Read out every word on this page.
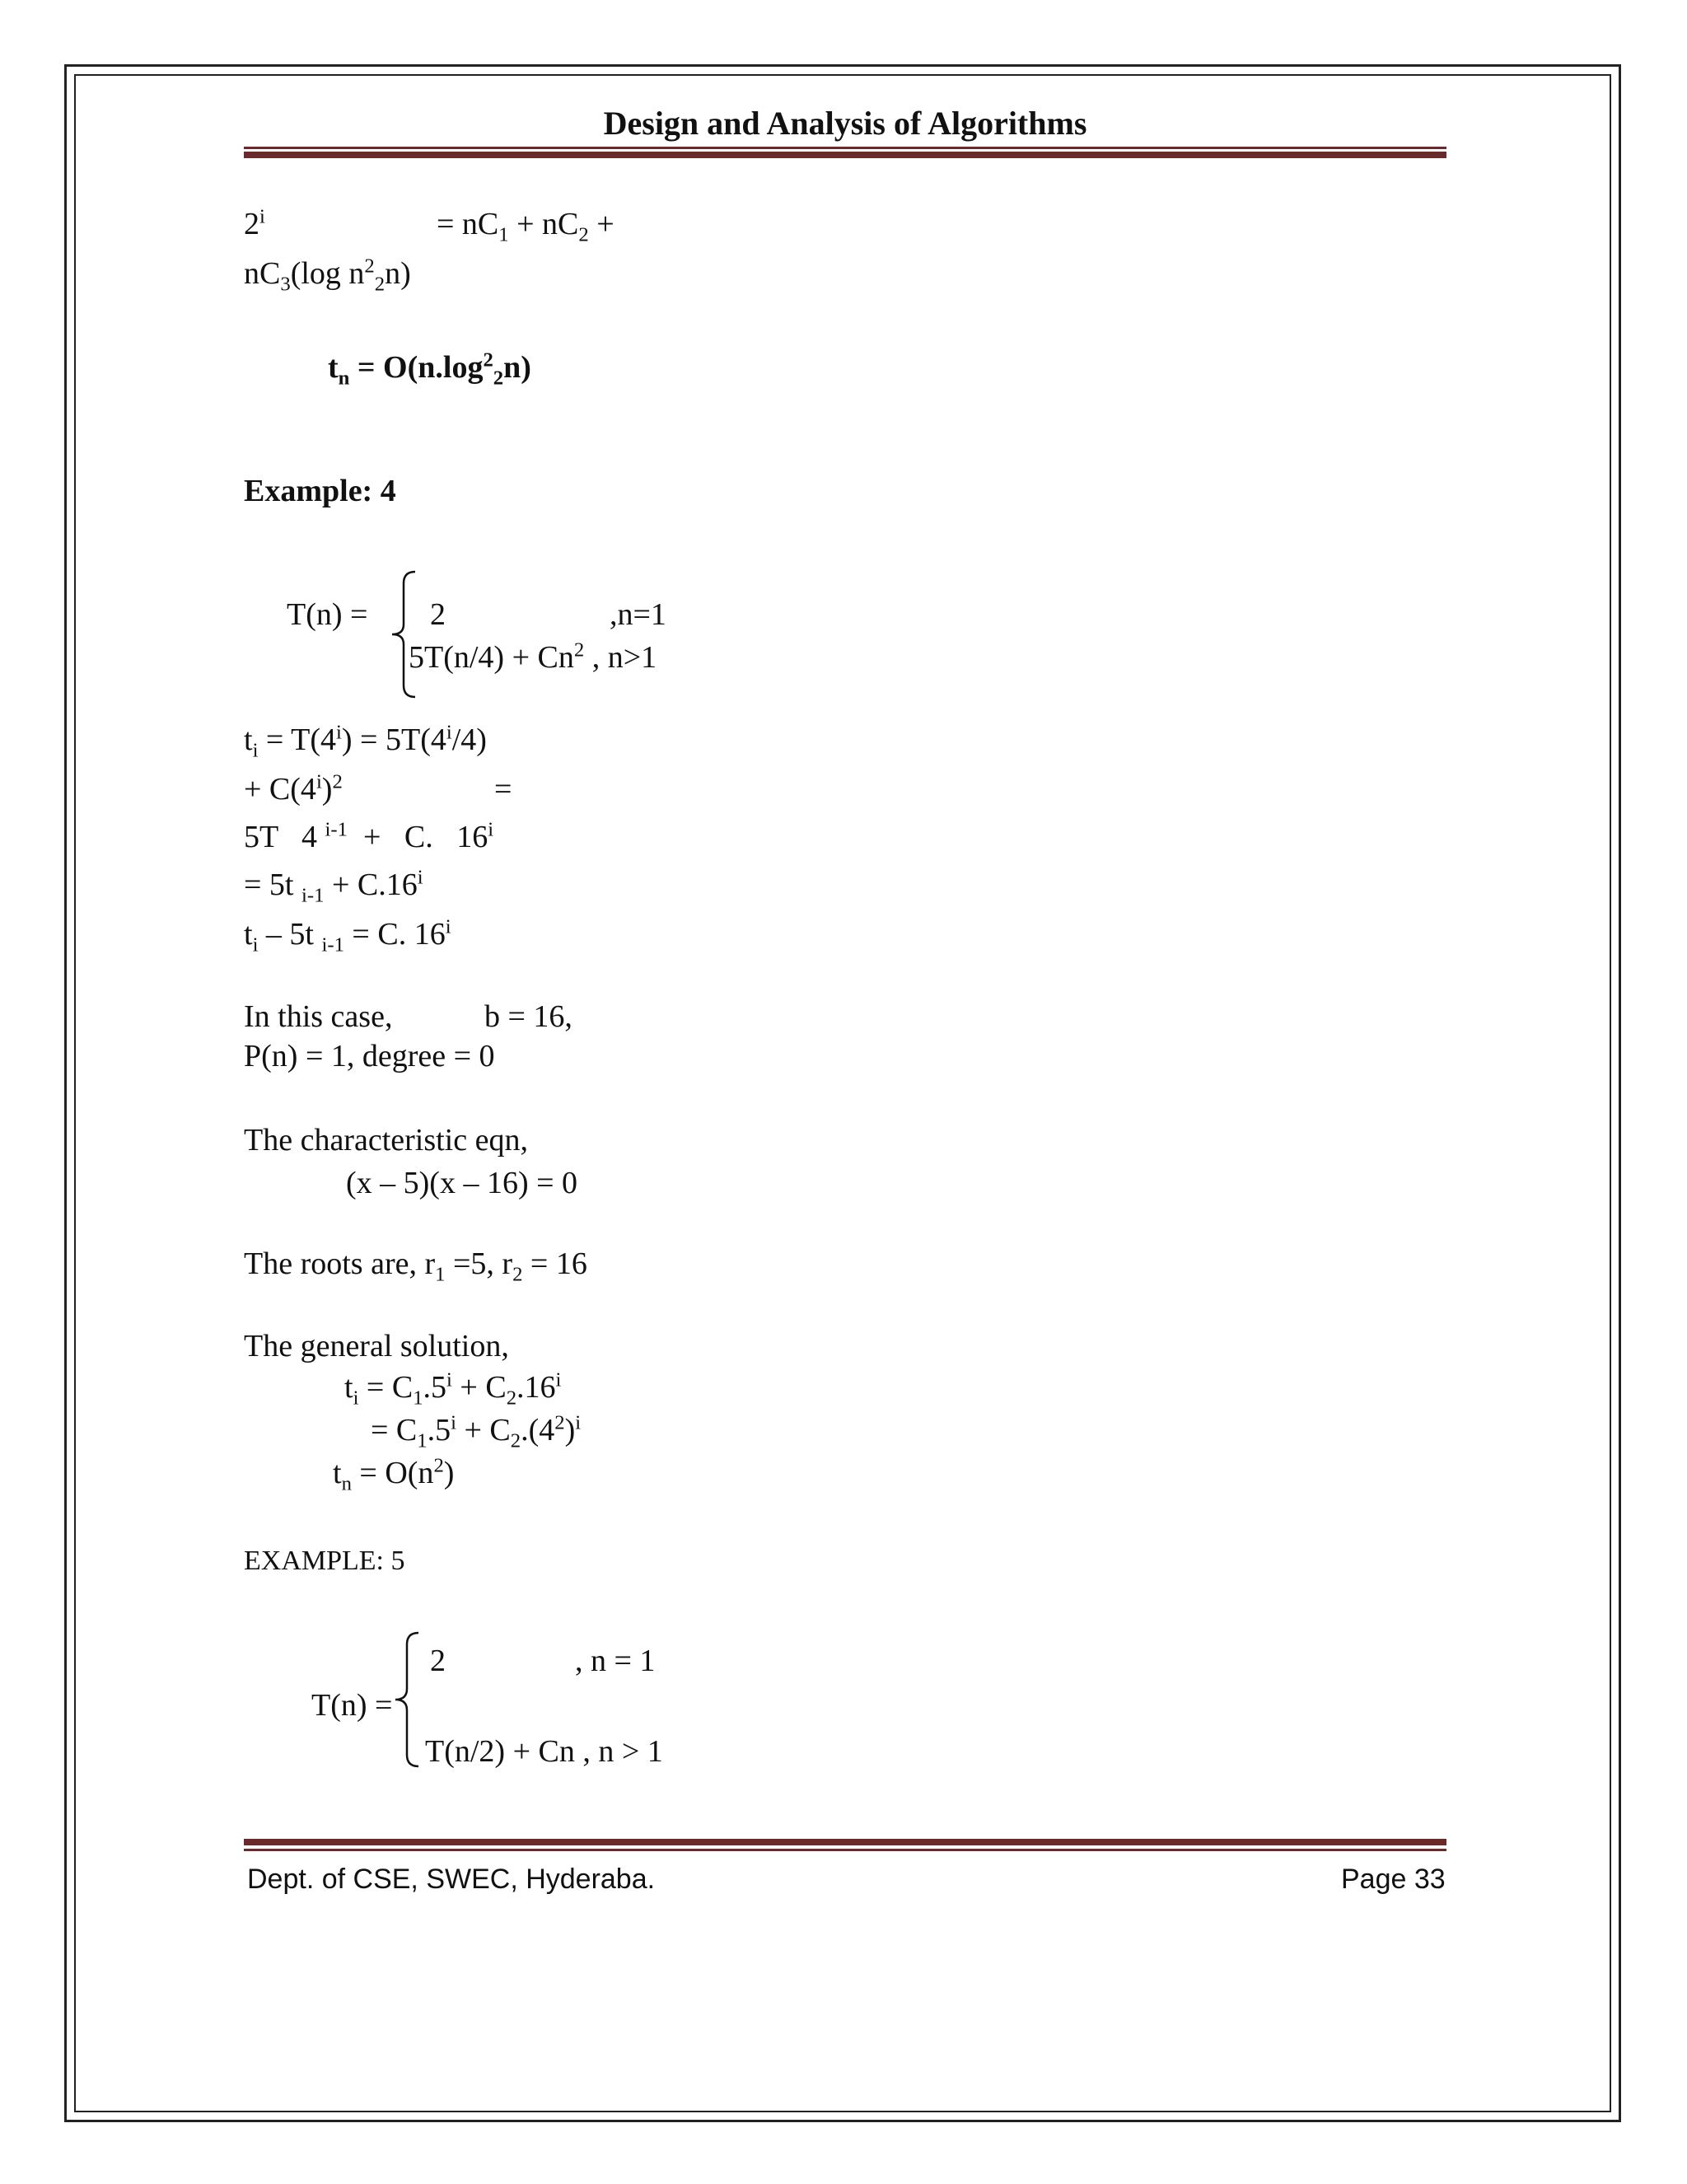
Design and Analysis of Algorithms
$2^i$	= $nC_1 + nC_2$ +
$nC_3(\log$ $n^2_2n$)
$t_n = O(n.\log^2_2n)$
Example: 4
T(n) = 2	,n=1
$5T(n/4) + Cn^2$ , n>1
$t_i = T(4^i) = 5T(4^i/4)$
+ $C(4^i)^2$	=
5T   4 $^{i-1}$  +   C.   $16^i$
= 5t $_{i-1} + C.16^i$
$t_i - 5t$ $_{i-1}$ = C. 16$^i$
In this case,	b = 16,
P(n) = 1, degree = 0
The characteristic eqn,
(x – 5)(x – 16) = 0
The roots are, $r_1 =5$, $r_2 = 16$
The general solution,
$t_i = C_1.5^i + C_2.16^i$
= $C_1.5^i + C_2.(4^2)^i$
$t_n = O(n^2)$
EXAMPLE: 5
2	, n = 1
T(n) =
T(n/2) + Cn , n > 1
Dept. of CSE, SWEC, Hyderaba.	Page 33
